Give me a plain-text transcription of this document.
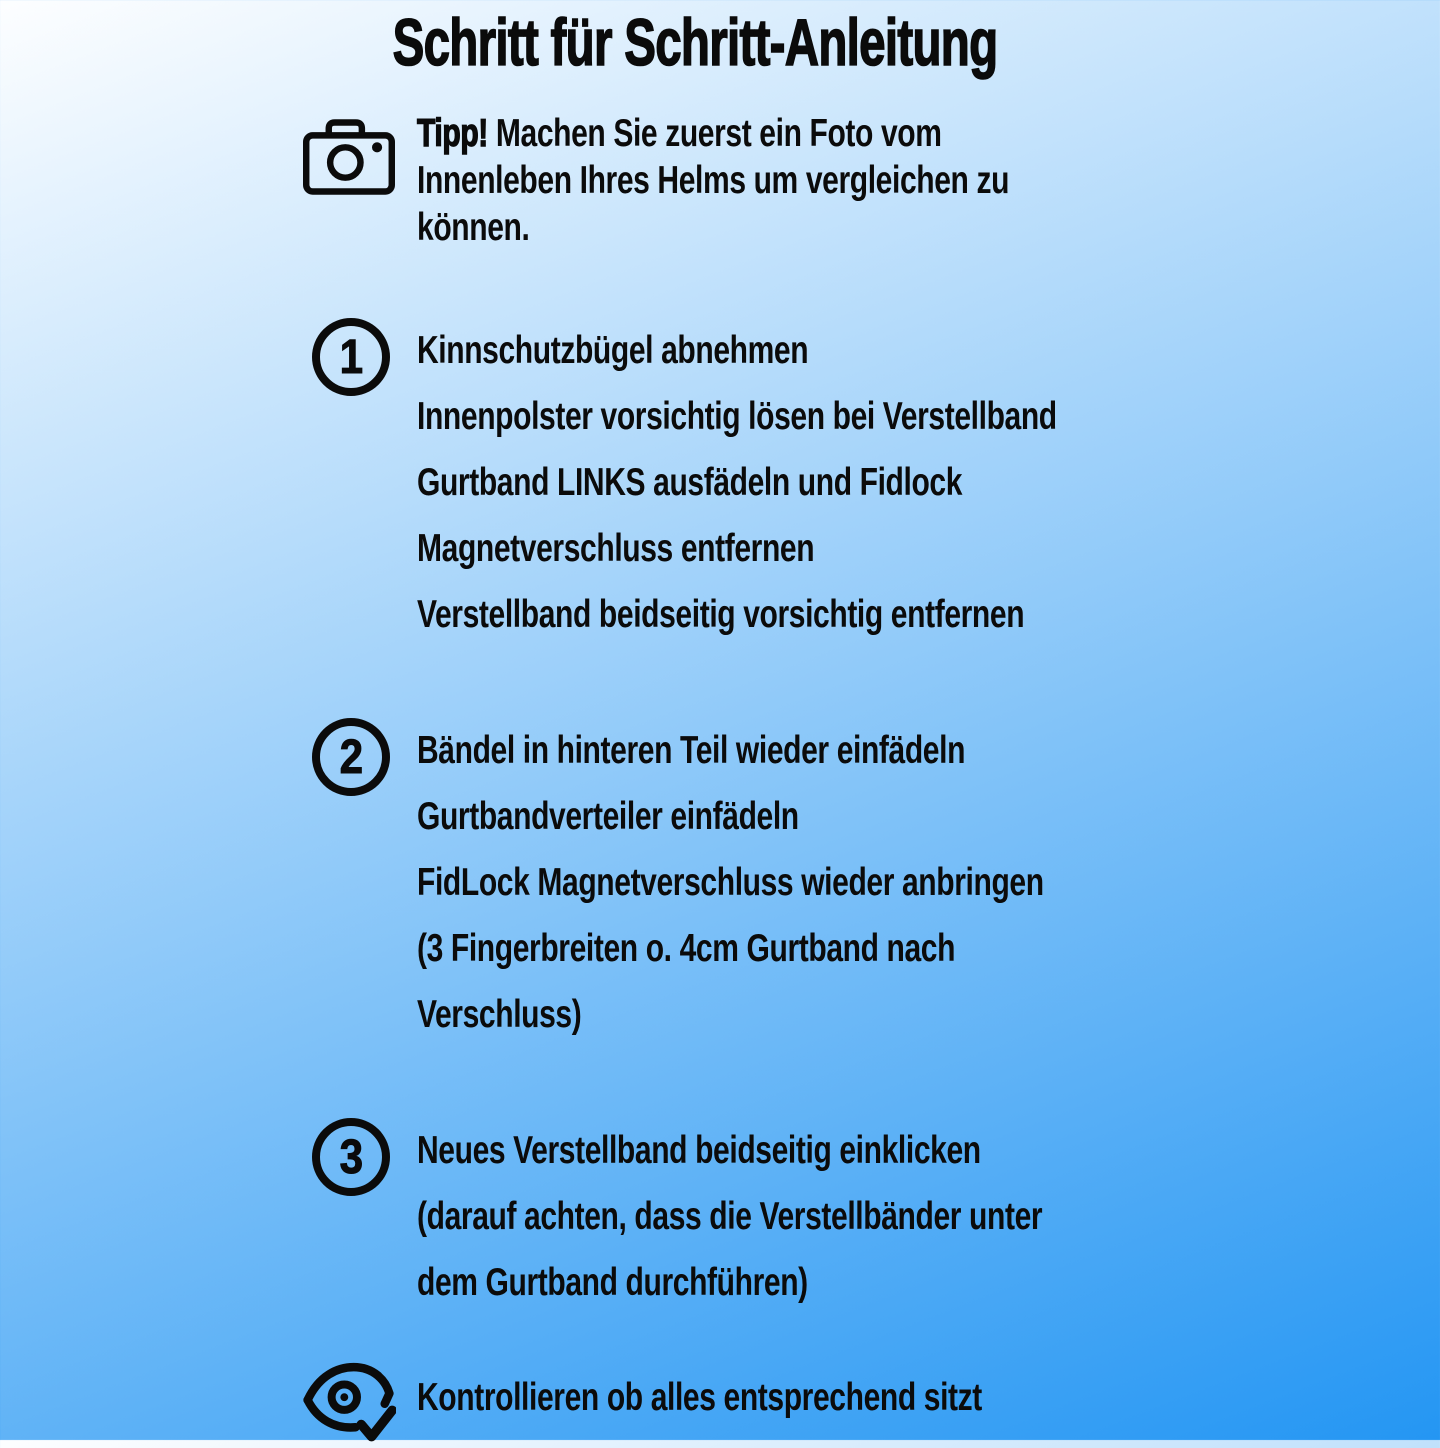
Schritt für Schritt-Anleitung
Tipp! Machen Sie zuerst ein Foto vom
Innenleben Ihres Helms um vergleichen zu
können.
1 Kinnschutzbügel abnehmen
Innenpolster vorsichtig lösen bei Verstellband
Gurtband LINKS ausfädeln und Fidlock
Magnetverschluss entfernen
Verstellband beidseitig vorsichtig entfernen
2 Bändel in hinteren Teil wieder einfädeln
Gurtbandverteiler einfädeln
FidLock Magnetverschluss wieder anbringen
(3 Fingerbreiten o. 4cm Gurtband nach
Verschluss)
3 Neues Verstellband beidseitig einklicken
(darauf achten, dass die Verstellbänder unter
dem Gurtband durchführen)
Kontrollieren ob alles entsprechend sitzt
